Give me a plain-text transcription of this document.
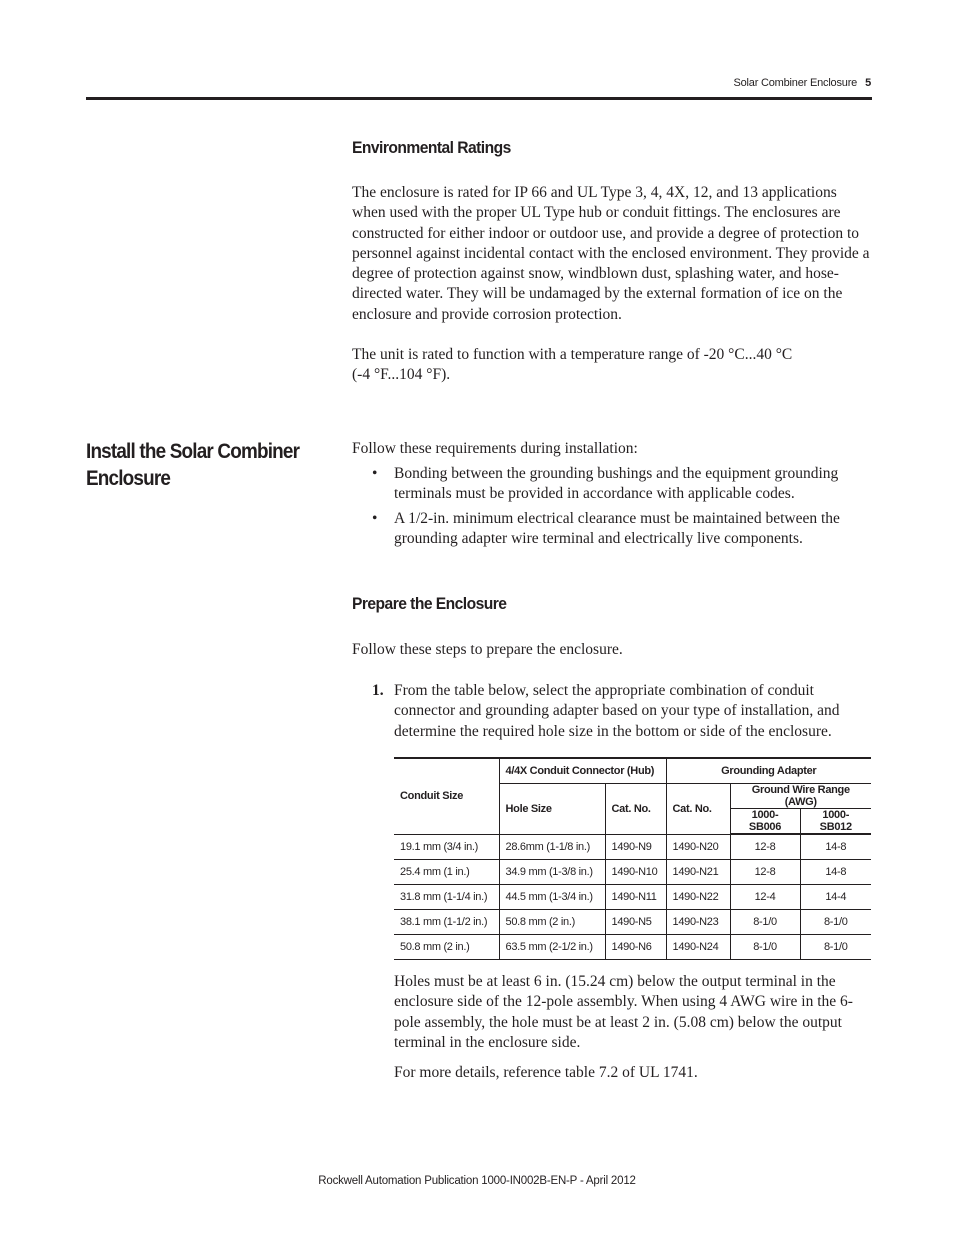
Solar Combiner Enclosure 5
Environmental Ratings
The enclosure is rated for IP 66 and UL Type 3, 4, 4X, 12, and 13 applications when used with the proper UL Type hub or conduit fittings. The enclosures are constructed for either indoor or outdoor use, and provide a degree of protection to personnel against incidental contact with the enclosed environment. They provide a degree of protection against snow, windblown dust, splashing water, and hose-directed water. They will be undamaged by the external formation of ice on the enclosure and provide corrosion protection.
The unit is rated to function with a temperature range of -20 °C...40 °C
(-4 °F...104 °F).
Install the Solar Combiner Enclosure
Follow these requirements during installation:
• Bonding between the grounding bushings and the equipment grounding terminals must be provided in accordance with applicable codes.
• A 1/2-in. minimum electrical clearance must be maintained between the grounding adapter wire terminal and electrically live components.
Prepare the Enclosure
Follow these steps to prepare the enclosure.
1. From the table below, select the appropriate combination of conduit connector and grounding adapter based on your type of installation, and determine the required hole size in the bottom or side of the enclosure.
Conduit Size	4/4X Conduit Connector (Hub)		Grounding Adapter		
	Hole Size	Cat. No.	Cat. No.	Ground Wire Range (AWG)	
				1000-SB006	1000-SB012
19.1 mm (3/4 in.)	28.6mm (1-1/8 in.)	1490-N9	1490-N20	12-8	14-8
25.4 mm (1 in.)	34.9 mm (1-3/8 in.)	1490-N10	1490-N21	12-8	14-8
31.8 mm (1-1/4 in.)	44.5 mm (1-3/4 in.)	1490-N11	1490-N22	12-4	14-4
38.1 mm (1-1/2 in.)	50.8 mm (2 in.)	1490-N5	1490-N23	8-1/0	8-1/0
50.8 mm (2 in.)	63.5 mm (2-1/2 in.)	1490-N6	1490-N24	8-1/0	8-1/0
Holes must be at least 6 in. (15.24 cm) below the output terminal in the enclosure side of the 12-pole assembly. When using 4 AWG wire in the 6-pole assembly, the hole must be at least 2 in. (5.08 cm) below the output terminal in the enclosure side.
For more details, reference table 7.2 of UL 1741.
Rockwell Automation Publication 1000-IN002B-EN-P - April 2012
